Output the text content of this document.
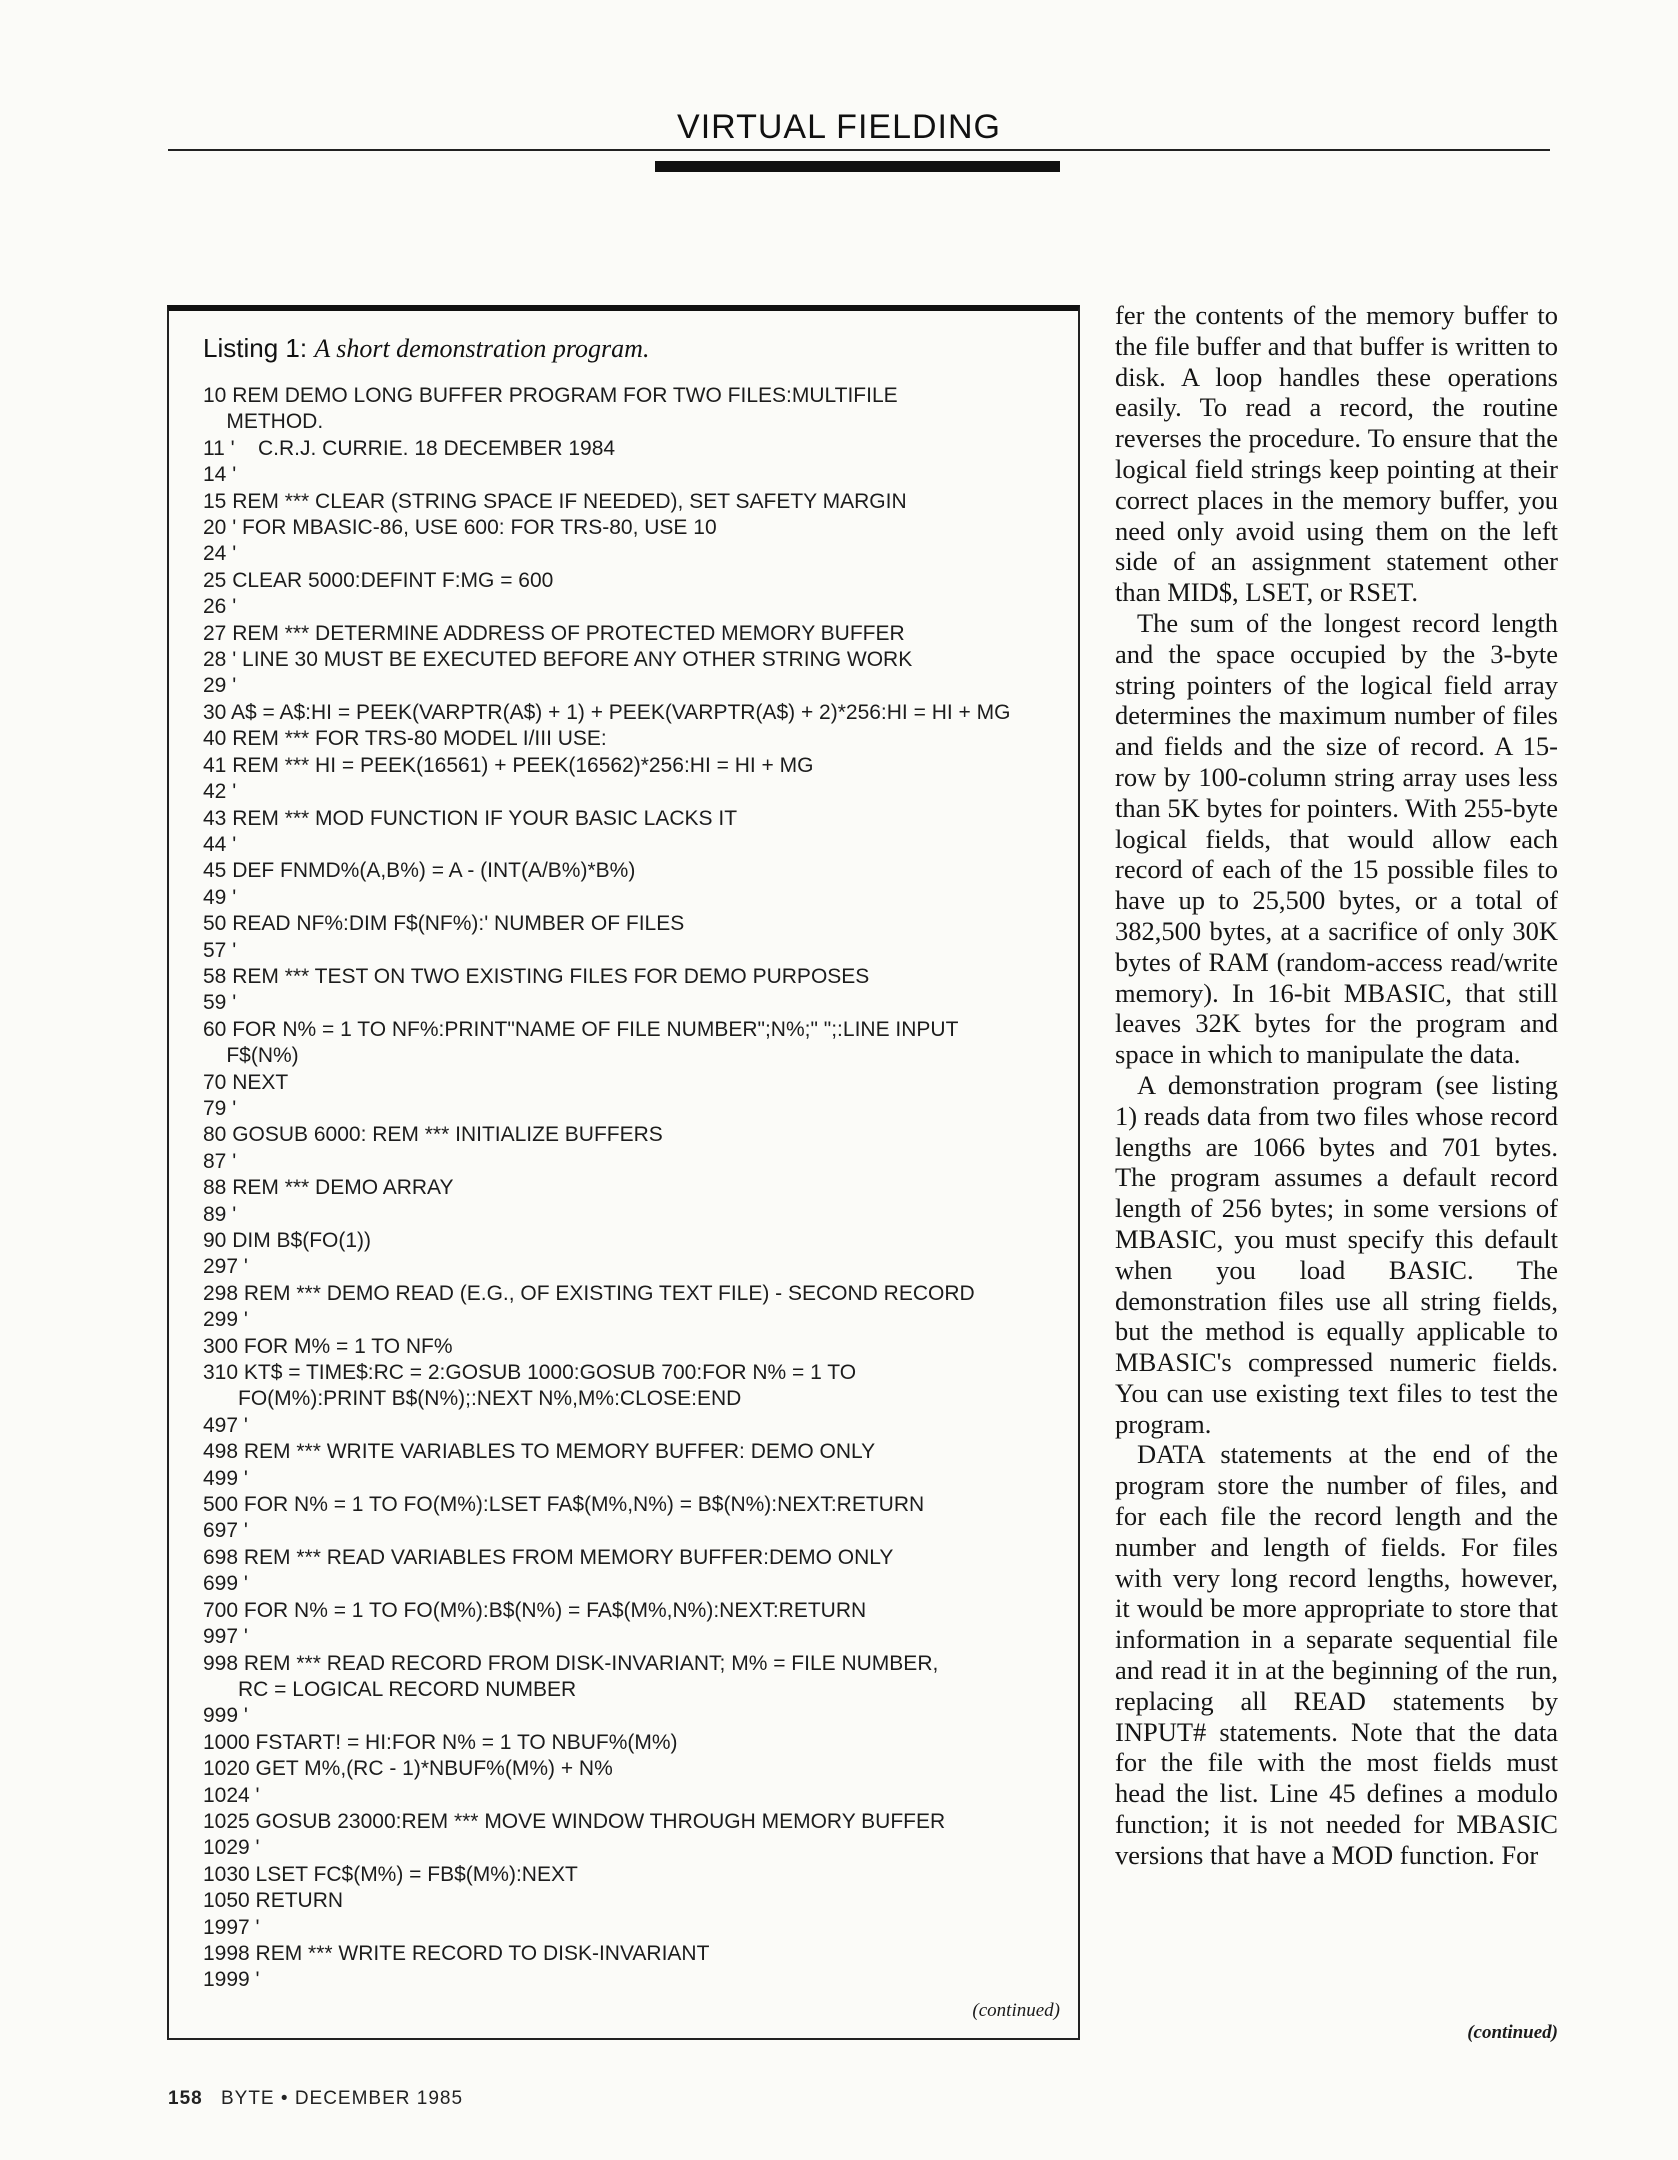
VIRTUAL FIELDING
Listing 1: A short demonstration program.
10 REM DEMO LONG BUFFER PROGRAM FOR TWO FILES:MULTIFILE
METHOD.
11 '    C.R.J. CURRIE. 18 DECEMBER 1984
14 '
15 REM *** CLEAR (STRING SPACE IF NEEDED), SET SAFETY MARGIN
20 ' FOR MBASIC-86, USE 600: FOR TRS-80, USE 10
24 '
25 CLEAR 5000:DEFINT F:MG = 600
26 '
27 REM *** DETERMINE ADDRESS OF PROTECTED MEMORY BUFFER
28 ' LINE 30 MUST BE EXECUTED BEFORE ANY OTHER STRING WORK
29 '
30 A$ = A$:HI = PEEK(VARPTR(A$) + 1) + PEEK(VARPTR(A$) + 2)*256:HI = HI + MG
40 REM *** FOR TRS-80 MODEL I/III USE:
41 REM *** HI = PEEK(16561) + PEEK(16562)*256:HI = HI + MG
42 '
43 REM *** MOD FUNCTION IF YOUR BASIC LACKS IT
44 '
45 DEF FNMD%(A,B%) = A - (INT(A/B%)*B%)
49 '
50 READ NF%:DIM F$(NF%):' NUMBER OF FILES
57 '
58 REM *** TEST ON TWO EXISTING FILES FOR DEMO PURPOSES
59 '
60 FOR N% = 1 TO NF%:PRINT"NAME OF FILE NUMBER";N%;" ";:LINE INPUT
F$(N%)
70 NEXT
79 '
80 GOSUB 6000: REM *** INITIALIZE BUFFERS
87 '
88 REM *** DEMO ARRAY
89 '
90 DIM B$(FO(1))
297 '
298 REM *** DEMO READ (E.G., OF EXISTING TEXT FILE) - SECOND RECORD
299 '
300 FOR M% = 1 TO NF%
310 KT$ = TIME$:RC = 2:GOSUB 1000:GOSUB 700:FOR N% = 1 TO
FO(M%):PRINT B$(N%);:NEXT N%,M%:CLOSE:END
497 '
498 REM *** WRITE VARIABLES TO MEMORY BUFFER: DEMO ONLY
499 '
500 FOR N% = 1 TO FO(M%):LSET FA$(M%,N%) = B$(N%):NEXT:RETURN
697 '
698 REM *** READ VARIABLES FROM MEMORY BUFFER:DEMO ONLY
699 '
700 FOR N% = 1 TO FO(M%):B$(N%) = FA$(M%,N%):NEXT:RETURN
997 '
998 REM *** READ RECORD FROM DISK-INVARIANT; M% = FILE NUMBER,
RC = LOGICAL RECORD NUMBER
999 '
1000 FSTART! = HI:FOR N% = 1 TO NBUF%(M%)
1020 GET M%,(RC - 1)*NBUF%(M%) + N%
1024 '
1025 GOSUB 23000:REM *** MOVE WINDOW THROUGH MEMORY BUFFER
1029 '
1030 LSET FC$(M%) = FB$(M%):NEXT
1050 RETURN
1997 '
1998 REM *** WRITE RECORD TO DISK-INVARIANT
1999 '
(continued)

fer the contents of the memory buffer to the file buffer and that buffer is written to disk. A loop handles these operations easily. To read a record, the routine reverses the procedure. To ensure that the logical field strings keep pointing at their correct places in the memory buffer, you need only avoid using them on the left side of an assignment statement other than MID$, LSET, or RSET.

The sum of the longest record length and the space occupied by the 3-byte string pointers of the logical field array determines the maximum number of files and fields and the size of record. A 15-row by 100-column string array uses less than 5K bytes for pointers. With 255-byte logical fields, that would allow each record of each of the 15 possible files to have up to 25,500 bytes, or a total of 382,500 bytes, at a sacrifice of only 30K bytes of RAM (random-access read/write memory). In 16-bit MBASIC, that still leaves 32K bytes for the program and space in which to manipulate the data.

A demonstration program (see listing 1) reads data from two files whose record lengths are 1066 bytes and 701 bytes. The program assumes a default record length of 256 bytes; in some versions of MBASIC, you must specify this default when you load BASIC. The demonstration files use all string fields, but the method is equally applicable to MBASIC's compressed numeric fields. You can use existing text files to test the program.

DATA statements at the end of the program store the number of files, and for each file the record length and the number and length of fields. For files with very long record lengths, however, it would be more appropriate to store that information in a separate sequential file and read it in at the beginning of the run, replacing all READ statements by INPUT# statements. Note that the data for the file with the most fields must head the list. Line 45 defines a modulo function; it is not needed for MBASIC versions that have a MOD function. For

(continued)
158 BYTE • DECEMBER 1985
